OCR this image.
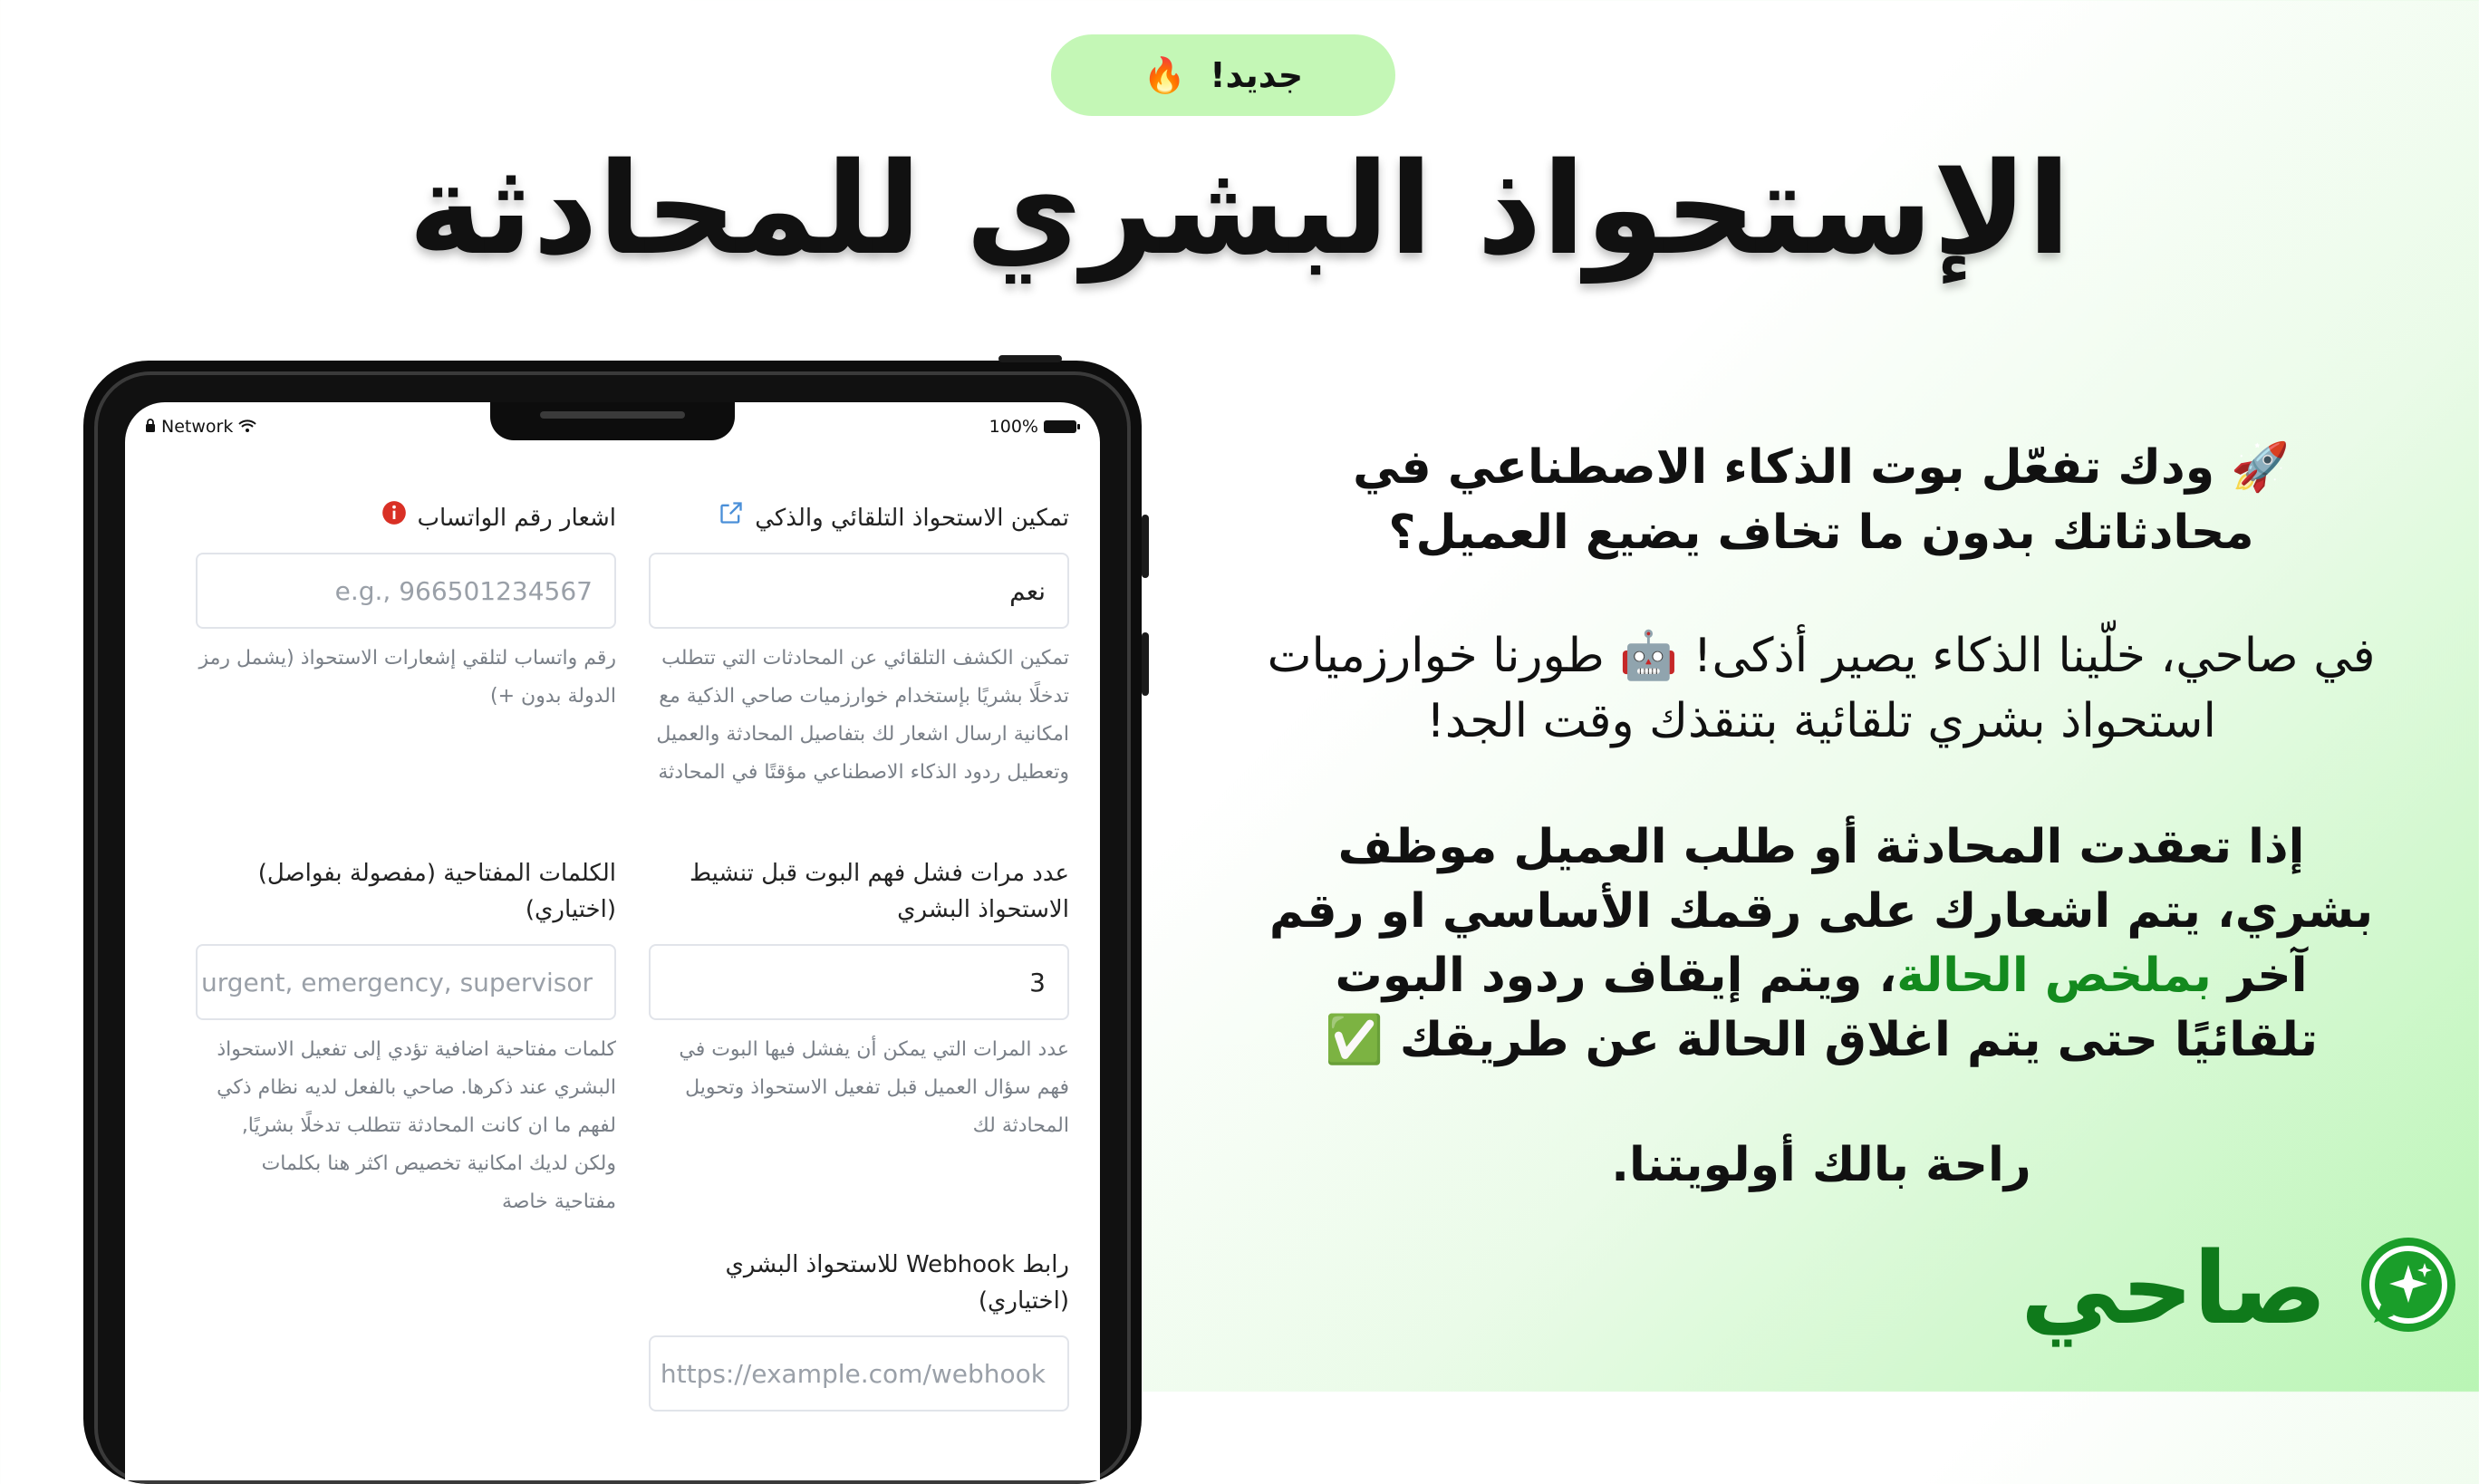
جديد!
🔥
الإستحواذ البشري للمحادثة
Network	100%
تمكين الاستحواذ التلقائي والذكي
نعم
تمكين الكشف التلقائي عن المحادثات التي تتطلب تدخلًا بشريًا بإستخدام خوارزميات صاحي الذكية مع امكانية ارسال اشعار لك بتفاصيل المحادثة والعميل وتعطيل ردود الذكاء الاصطناعي مؤقتًا في المحادثة
عدد مرات فشل فهم البوت قبل تنشيط الاستحواذ البشري
3
عدد المرات التي يمكن أن يفشل فيها البوت في فهم سؤال العميل قبل تفعيل الاستحواذ وتحويل المحادثة لك
رابط Webhook للاستحواذ البشري (اختياري)
https://example.com/webhook
اشعار رقم الواتساب
e.g., 966501234567
رقم واتساب لتلقي إشعارات الاستحواذ (يشمل رمز الدولة بدون +)
الكلمات المفتاحية (مفصولة بفواصل) (اختياري)
urgent, emergency, supervisor
كلمات مفتاحية اضافية تؤدي إلى تفعيل الاستحواذ البشري عند ذكرها. صاحي بالفعل لديه نظام ذكي لفهم ما ان كانت المحادثة تتطلب تدخلًا بشريًا, ولكن لديك امكانية تخصيص اكثر هنا بكلمات مفتاحية خاصة
🚀 ودك تفعّل بوت الذكاء الاصطناعي في محادثاتك بدون ما تخاف يضيع العميل؟
في صاحي، خلّينا الذكاء يصير أذكى! 🤖 طورنا خوارزميات استحواذ بشري تلقائية بتنقذك وقت الجد!
إذا تعقدت المحادثة أو طلب العميل موظف بشري، يتم اشعارك على رقمك الأساسي او رقم آخر بملخص الحالة، ويتم إيقاف ردود البوت تلقائيًا حتى يتم اغلاق الحالة عن طريقك ✅
راحة بالك أولويتنا.
صاحي
